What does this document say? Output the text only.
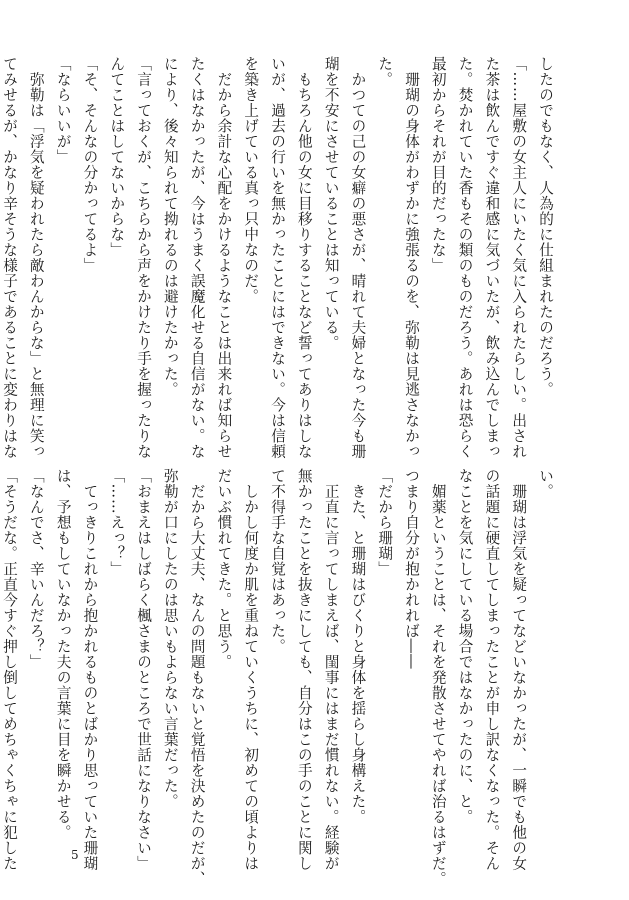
したのでもなく、人為的に仕組まれたのだろう。
「……屋敷の女主人にいたく気に入られたらしい。出され
た茶は飲んですぐ違和感に気づいたが、飲み込んでしまっ
た。焚かれていた香もその類のものだろう。あれは恐らく
最初からそれが目的だったな」
　珊瑚の身体がわずかに強張るのを、弥勒は見逃さなかっ
た。
　かつての己の女癖の悪さが、晴れて夫婦となった今も珊
瑚を不安にさせていることは知っている。
　もちろん他の女に目移りすることなど誓ってありはしな
いが、過去の行いを無かったことにはできない。今は信頼
を築き上げている真っ只中なのだ。
　だから余計な心配をかけるようなことは出来れば知らせ
たくはなかったが、今はうまく誤魔化せる自信がない。な
により、後々知られて拗れるのは避けたかった。
「言っておくが、こちらから声をかけたり手を握ったりな
んてことはしてないからな」
「そ、そんなの分かってるよ」
「ならいいが」
　弥勒は「浮気を疑われたら敵わんからな」と無理に笑っ
てみせるが、かなり辛そうな様子であることに変わりはな
い。
　珊瑚は浮気を疑ってなどいなかったが、一瞬でも他の女
の話題に硬直してしまったことが申し訳なくなった。そん
なことを気にしている場合ではなかったのに、と。
　媚薬ということは、それを発散させてやれば治るはずだ。
つまり自分が抱かれれば――
「だから珊瑚」
　きた、と珊瑚はびくりと身体を揺らし身構えた。
　正直に言ってしまえば、閨事にはまだ慣れない。経験が
無かったことを抜きにしても、自分はこの手のことに関し
て不得手な自覚はあった。
　しかし何度か肌を重ねていくうちに、初めての頃よりは
だいぶ慣れてきた。と思う。
　だから大丈夫、なんの問題もないと覚悟を決めたのだが、
弥勒が口にしたのは思いもよらない言葉だった。
「おまえはしばらく楓さまのところで世話になりなさい」
「……えっ？」
　てっきりこれから抱かれるものとばかり思っていた珊瑚
は、予想もしていなかった夫の言葉に目を瞬かせる。
「なんでさ、辛いんだろ？」
「そうだな。正直今すぐ押し倒してめちゃくちゃに犯した	5
